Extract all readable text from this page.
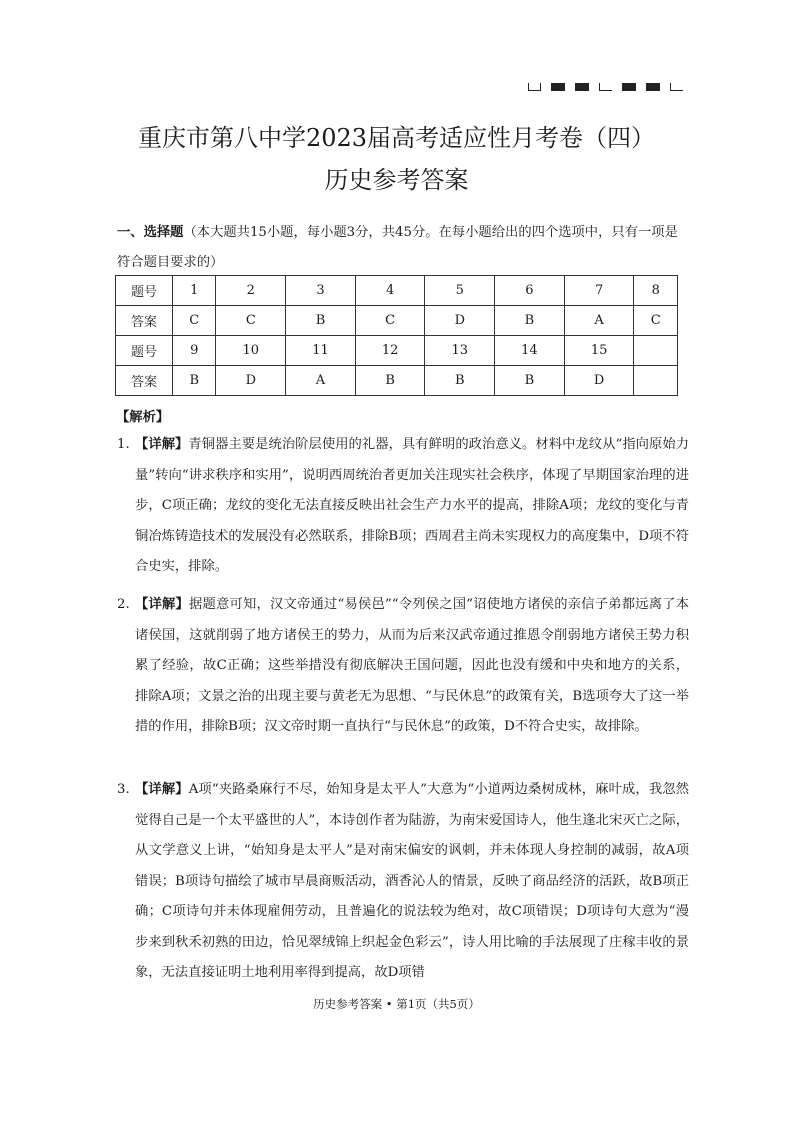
重庆市第八中学2023届高考适应性月考卷（四）
历史参考答案
一、选择题（本大题共15小题，每小题3分，共45分。在每小题给出的四个选项中，只有一项是符合题目要求的）
题号	1	2	3	4	5	6	7	8
答案	C	C	B	C	D	B	A	C
题号	9	10	11	12	13	14	15	
答案	B	D	A	B	B	B	D	
【解析】
1. 【详解】青铜器主要是统治阶层使用的礼器，具有鲜明的政治意义。材料中龙纹从“指向原始力量”转向“讲求秩序和实用”，说明西周统治者更加关注现实社会秩序，体现了早期国家治理的进步，C项正确；龙纹的变化无法直接反映出社会生产力水平的提高，排除A项；龙纹的变化与青铜冶炼铸造技术的发展没有必然联系，排除B项；西周君主尚未实现权力的高度集中，D项不符合史实，排除。
2. 【详解】据题意可知，汉文帝通过“易侯邑”“令列侯之国”诏使地方诸侯的亲信子弟都远离了本诸侯国，这就削弱了地方诸侯王的势力，从而为后来汉武帝通过推恩令削弱地方诸侯王势力积累了经验，故C正确；这些举措没有彻底解决王国问题，因此也没有缓和中央和地方的关系，排除A项；文景之治的出现主要与黄老无为思想、“与民休息”的政策有关，B选项夸大了这一举措的作用，排除B项；汉文帝时期一直执行“与民休息”的政策，D不符合史实，故排除。
3. 【详解】A项“夹路桑麻行不尽，始知身是太平人”大意为“小道两边桑树成林，麻叶成，我忽然觉得自己是一个太平盛世的人”，本诗创作者为陆游，为南宋爱国诗人，他生逢北宋灭亡之际，从文学意义上讲，“始知身是太平人”是对南宋偏安的讽刺，并未体现人身控制的减弱，故A项错误；B项诗句描绘了城市早晨商贩活动，酒香沁人的情景，反映了商品经济的活跃，故B项正确；C项诗句并未体现雇佣劳动，且普遍化的说法较为绝对，故C项错误；D项诗句大意为“漫步来到秋禾初熟的田边，恰见翠绒锦上织起金色彩云”，诗人用比喻的手法展现了庄稼丰收的景象，无法直接证明土地利用率得到提高，故D项错
历史参考答案 • 第1页（共5页）
